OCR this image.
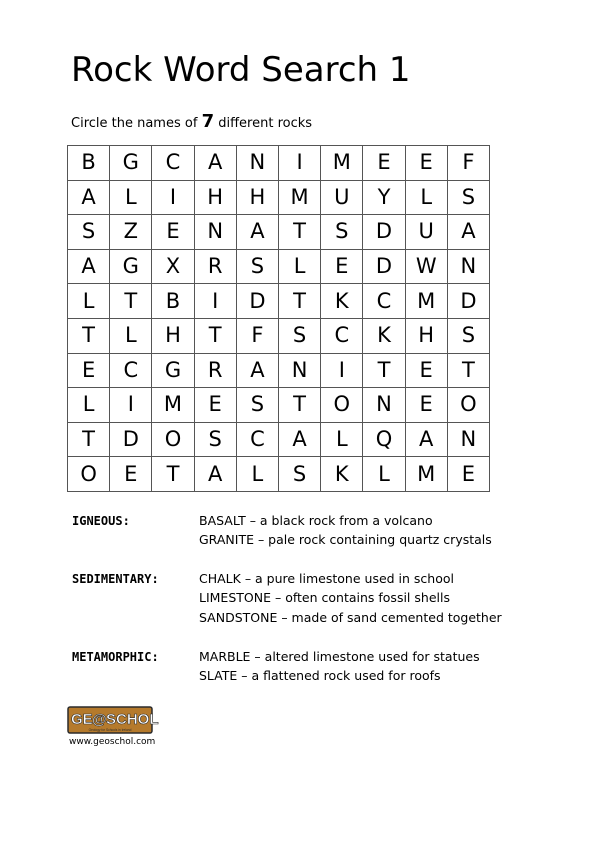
Rock Word Search 1
Circle the names of 7 different rocks
B	G	C	A	N	I	M	E	E	F
A	L	I	H	H	M	U	Y	L	S
S	Z	E	N	A	T	S	D	U	A
A	G	X	R	S	L	E	D	W	N
L	T	B	I	D	T	K	C	M	D
T	L	H	T	F	S	C	K	H	S
E	C	G	R	A	N	I	T	E	T
L	I	M	E	S	T	O	N	E	O
T	D	O	S	C	A	L	Q	A	N
O	E	T	A	L	S	K	L	M	E
IGNEOUS:	BASALT – a black rock from a volcano
GRANITE – pale rock containing quartz crystals
SEDIMENTARY:	CHALK – a pure limestone used in school
LIMESTONE – often contains fossil shells
SANDSTONE – made of sand cemented together
METAMORPHIC:	MARBLE – altered limestone used for statues
SLATE – a flattened rock used for roofs
GE @ SCHOL
Geology for Schools in Ireland
www.geoschol.com
